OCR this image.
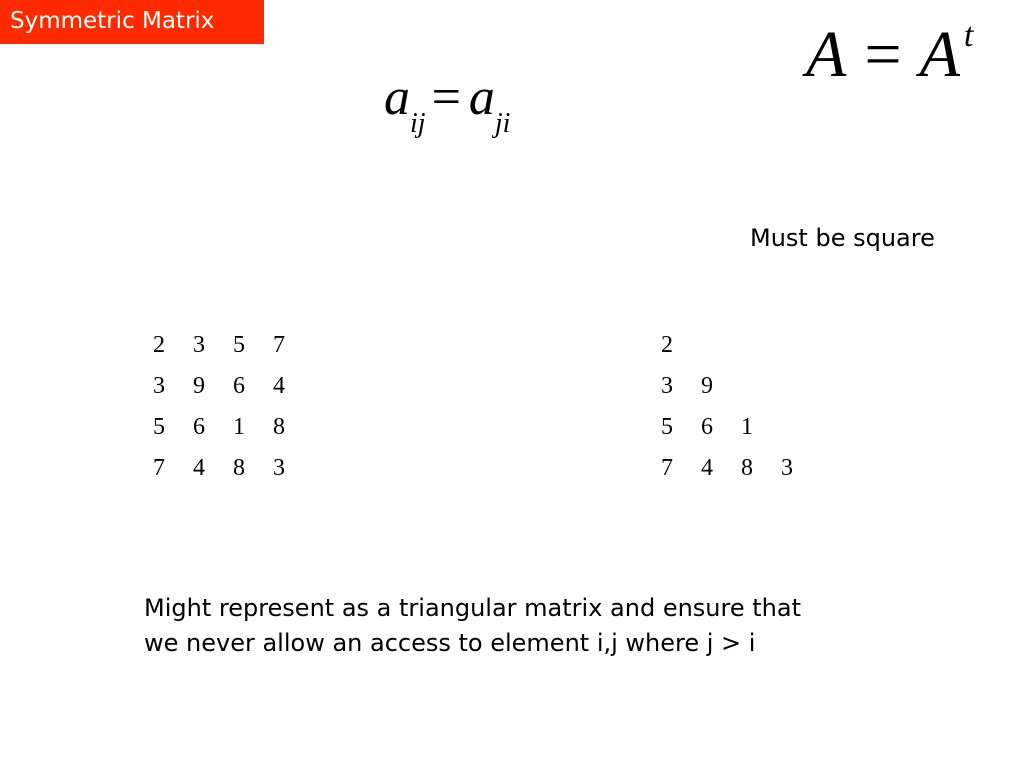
Symmetric Matrix
$a_{ij} = a_{ji}$
A = A $^t$
Must be square
2	3	5	7
3	9	6	4
5	6	1	8
7	4	8	3
2
3	9
5	6	1
7	4	8	3
Might represent as a triangular matrix and ensure that
we never allow an access to element i,j where j > i
